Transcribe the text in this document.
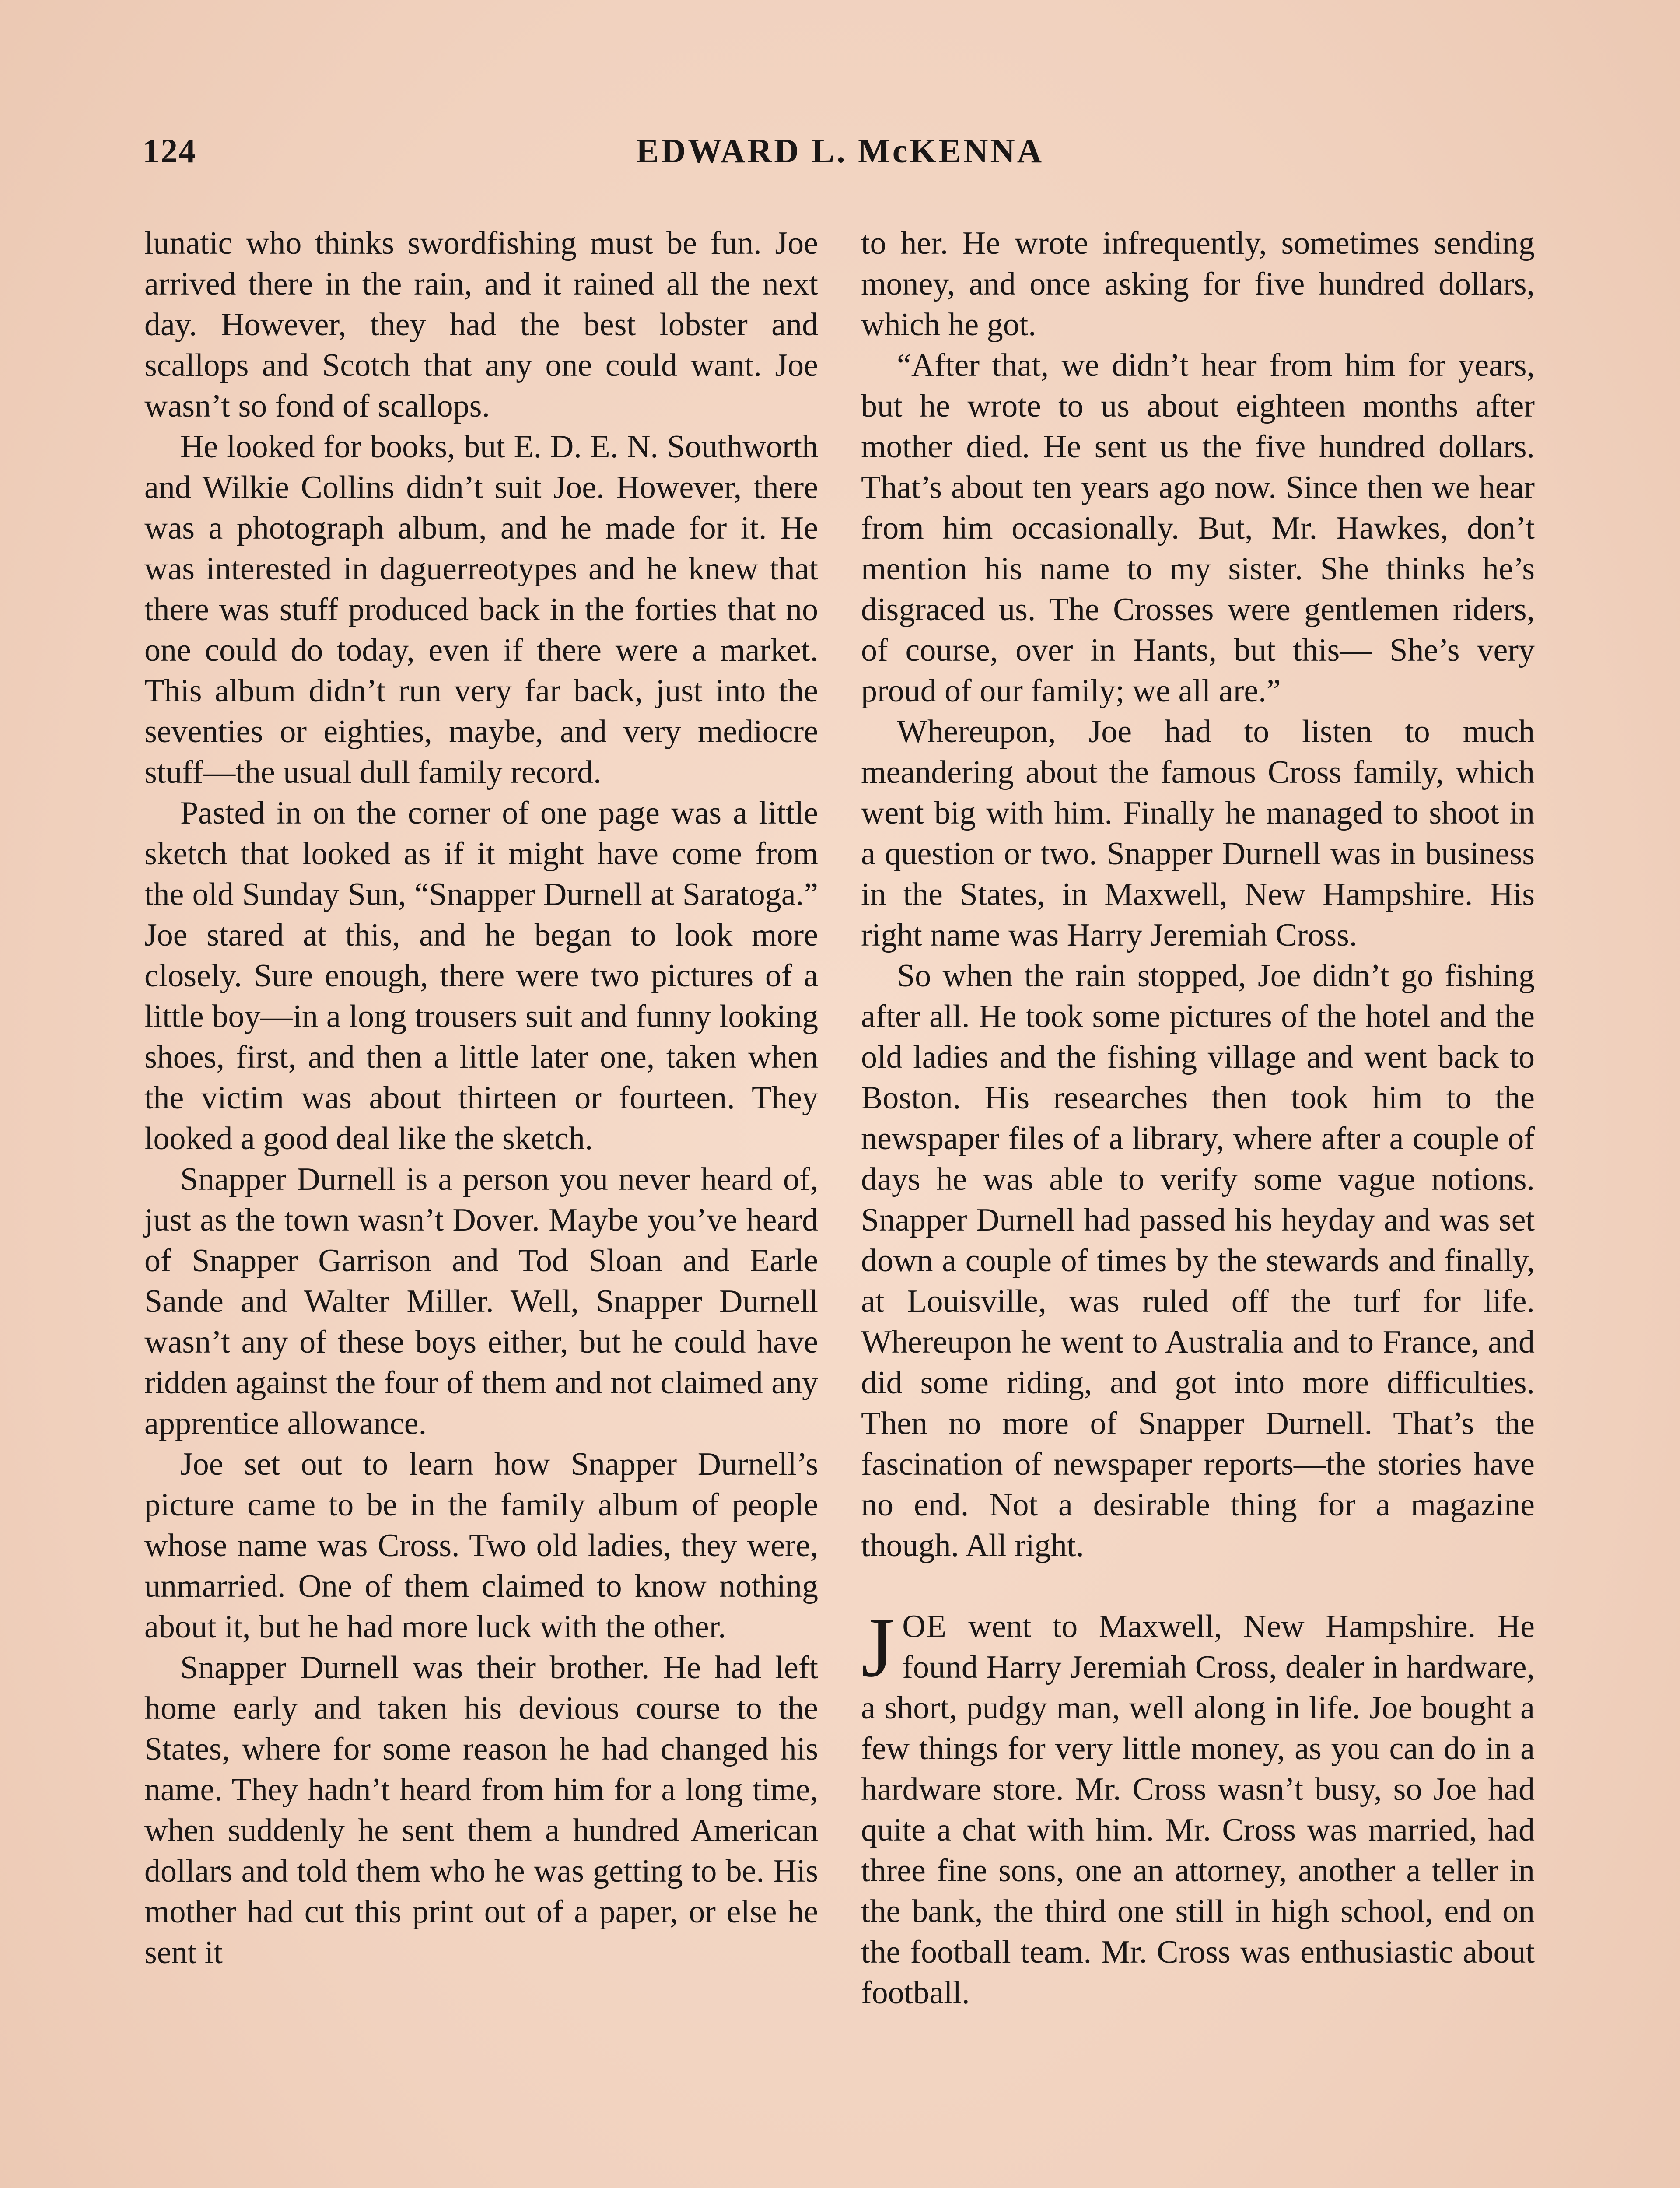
124	EDWARD L. McKENNA

lunatic who thinks swordfishing must be fun. Joe arrived there in the rain, and it rained all the next day. However, they had the best lobster and scallops and Scotch that any one could want. Joe wasn’t so fond of scallops.

He looked for books, but E. D. E. N. Southworth and Wilkie Collins didn’t suit Joe. However, there was a photograph album, and he made for it. He was interested in daguerreotypes and he knew that there was stuff produced back in the forties that no one could do today, even if there were a market. This album didn’t run very far back, just into the seventies or eighties, maybe, and very mediocre stuff—the usual dull family record.

Pasted in on the corner of one page was a little sketch that looked as if it might have come from the old Sunday Sun, “Snapper Durnell at Saratoga.” Joe stared at this, and he began to look more closely. Sure enough, there were two pictures of a little boy—in a long trousers suit and funny looking shoes, first, and then a little later one, taken when the victim was about thirteen or fourteen. They looked a good deal like the sketch.

Snapper Durnell is a person you never heard of, just as the town wasn’t Dover. Maybe you’ve heard of Snapper Garrison and Tod Sloan and Earle Sande and Walter Miller. Well, Snapper Durnell wasn’t any of these boys either, but he could have ridden against the four of them and not claimed any apprentice allowance.

Joe set out to learn how Snapper Durnell’s picture came to be in the family album of people whose name was Cross. Two old ladies, they were, unmarried. One of them claimed to know nothing about it, but he had more luck with the other.

Snapper Durnell was their brother. He had left home early and taken his devious course to the States, where for some reason he had changed his name. They hadn’t heard from him for a long time, when suddenly he sent them a hundred American dollars and told them who he was getting to be. His mother had cut this print out of a paper, or else he sent it

to her. He wrote infrequently, sometimes sending money, and once asking for five hundred dollars, which he got.

“After that, we didn’t hear from him for years, but he wrote to us about eighteen months after mother died. He sent us the five hundred dollars. That’s about ten years ago now. Since then we hear from him occasionally. But, Mr. Hawkes, don’t mention his name to my sister. She thinks he’s disgraced us. The Crosses were gentlemen riders, of course, over in Hants, but this— She’s very proud of our family; we all are.”

Whereupon, Joe had to listen to much meandering about the famous Cross family, which went big with him. Finally he managed to shoot in a question or two. Snapper Durnell was in business in the States, in Maxwell, New Hampshire. His right name was Harry Jeremiah Cross.

So when the rain stopped, Joe didn’t go fishing after all. He took some pictures of the hotel and the old ladies and the fishing village and went back to Boston. His researches then took him to the newspaper files of a library, where after a couple of days he was able to verify some vague notions. Snapper Durnell had passed his heyday and was set down a couple of times by the stewards and finally, at Louisville, was ruled off the turf for life. Whereupon he went to Australia and to France, and did some riding, and got into more difficulties. Then no more of Snapper Durnell. That’s the fascination of newspaper reports—the stories have no end. Not a desirable thing for a magazine though. All right.

JOE went to Maxwell, New Hampshire. He found Harry Jeremiah Cross, dealer in hardware, a short, pudgy man, well along in life. Joe bought a few things for very little money, as you can do in a hardware store. Mr. Cross wasn’t busy, so Joe had quite a chat with him. Mr. Cross was married, had three fine sons, one an attorney, another a teller in the bank, the third one still in high school, end on the football team. Mr. Cross was enthusiastic about football.
